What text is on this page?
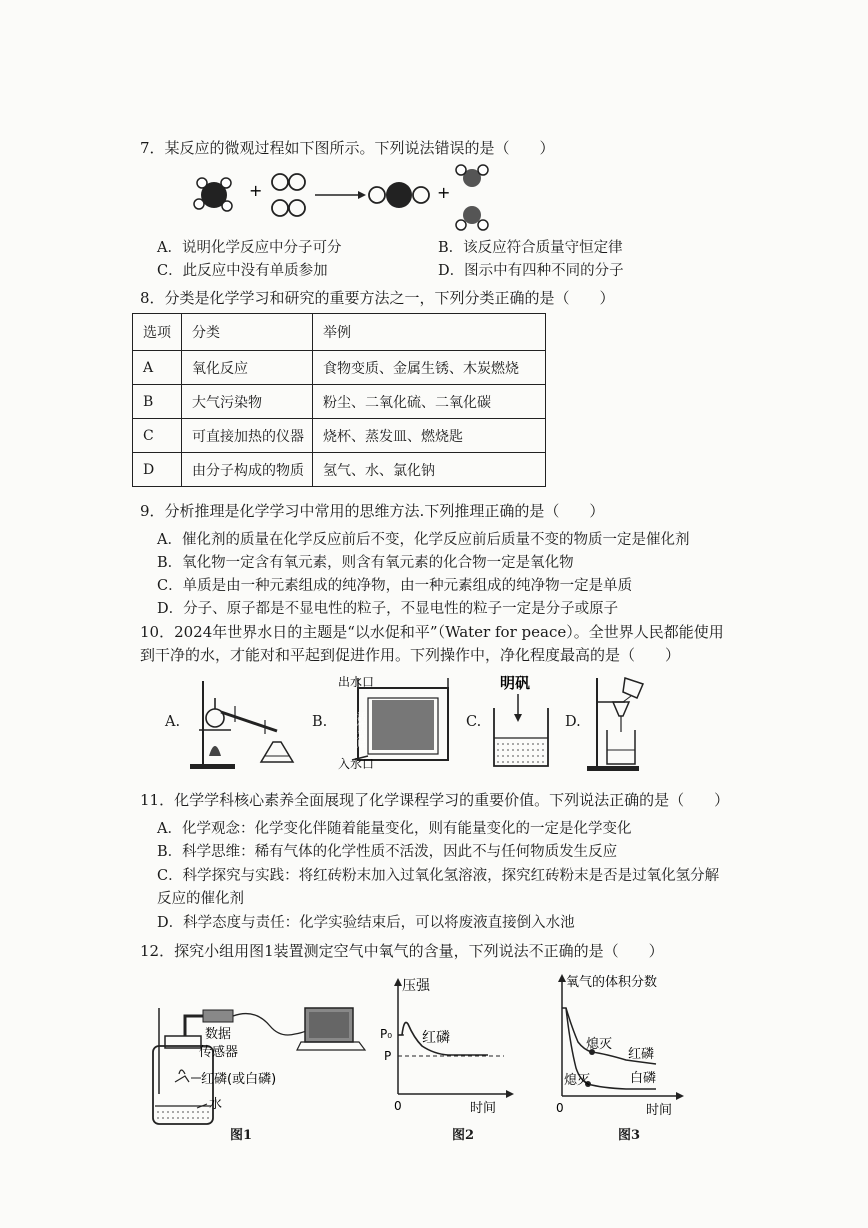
7．某反应的微观过程如下图所示。下列说法错误的是（　　）
+	+
A．说明化学反应中分子可分	B．该反应符合质量守恒定律
C．此反应中没有单质参加	D．图示中有四种不同的分子
8．分类是化学学习和研究的重要方法之一，下列分类正确的是（　　）
选项	分类	举例
A	氧化反应	食物变质、金属生锈、木炭燃烧
B	大气污染物	粉尘、二氧化硫、二氧化碳
C	可直接加热的仪器	烧杯、蒸发皿、燃烧匙
D	由分子构成的物质	氢气、水、氯化钠
9．分析推理是化学学习中常用的思维方法.下列推理正确的是（　　）
A．催化剂的质量在化学反应前后不变，化学反应前后质量不变的物质一定是催化剂
B．氧化物一定含有氧元素，则含有氧元素的化合物一定是氧化物
C．单质是由一种元素组成的纯净物，由一种元素组成的纯净物一定是单质
D．分子、原子都是不显电性的粒子，不显电性的粒子一定是分子或原子
10．2024年世界水日的主题是“以水促和平”（Water for peace）。全世界人民都能使用
到干净的水，才能对和平起到促进作用。下列操作中，净化程度最高的是（　　）
A.	B.
出水口
入水口
活性炭层	C.
明矾
D.
11．化学学科核心素养全面展现了化学课程学习的重要价值。下列说法正确的是（　　）
A．化学观念：化学变化伴随着能量变化，则有能量变化的一定是化学变化
B．科学思维：稀有气体的化学性质不活泼，因此不与任何物质发生反应
C．科学探究与实践：将红砖粉末加入过氧化氢溶液，探究红砖粉末是否是过氧化氢分解
反应的催化剂
D．科学态度与责任：化学实验结束后，可以将废液直接倒入水池
12．探究小组用图1装置测定空气中氧气的含量，下列说法不正确的是（　　）
数据
传感器
红磷(或白磷)
水
图1
压强
P₀
P
红磷
0	时间
图2
氧气的体积分数
熄灭
熄灭
红磷
白磷
0	时间
图3
